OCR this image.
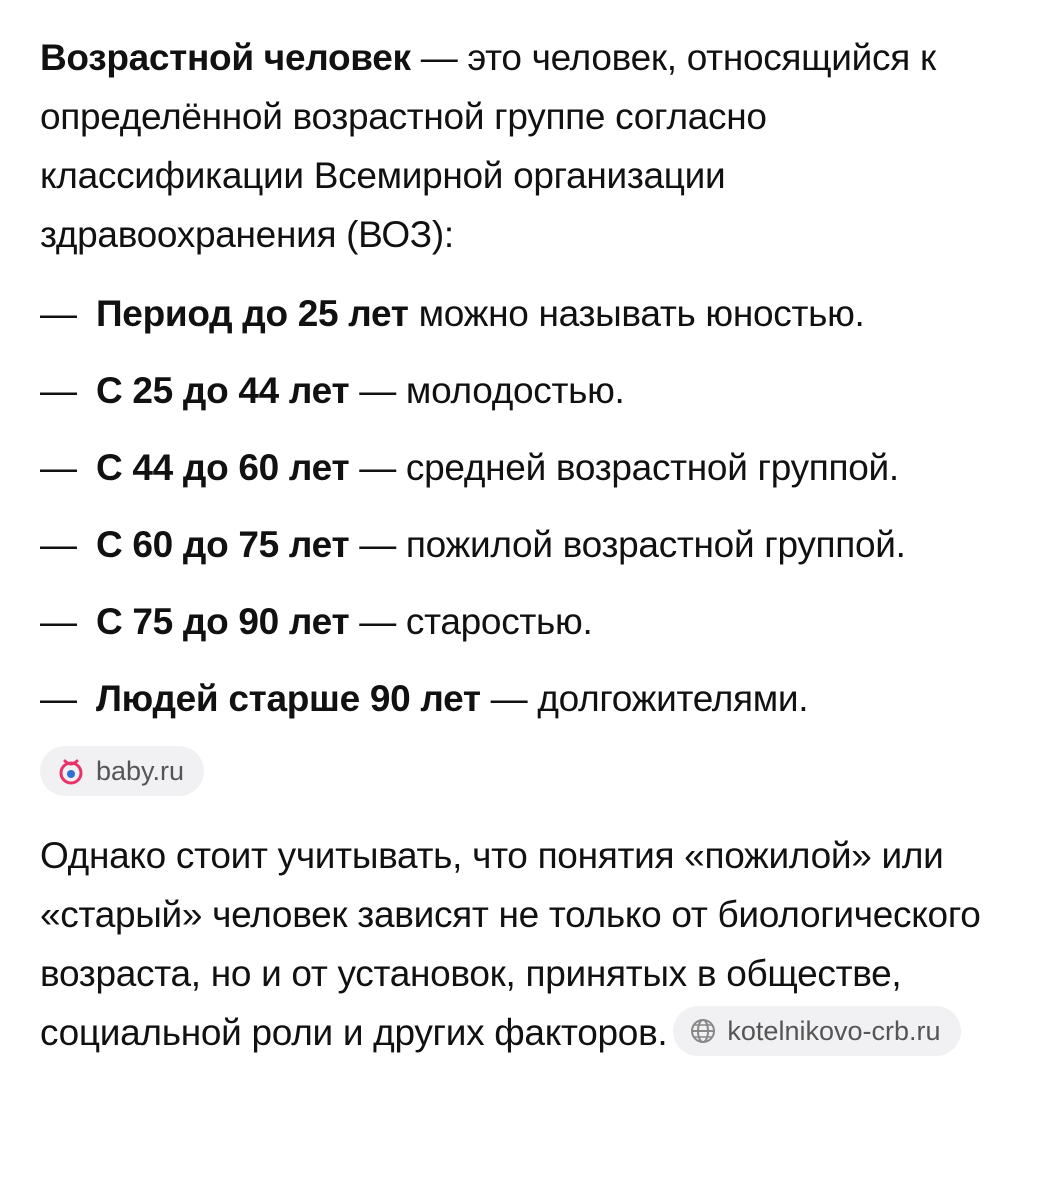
Возрастной человек — это человек, относящийся к определённой возрастной группе согласно классификации Всемирной организации здравоохранения (ВОЗ):

— Период до 25 лет можно называть юностью.
— С 25 до 44 лет — молодостью.
— С 44 до 60 лет — средней возрастной группой.
— С 60 до 75 лет — пожилой возрастной группой.
— С 75 до 90 лет — старостью.
— Людей старше 90 лет — долгожителями.
baby.ru

Однако стоит учитывать, что понятия «пожилой» или «старый» человек зависят не только от биологического возраста, но и от установок, принятых в обществе, социальной роли и других факторов. kotelnikovo-crb.ru
